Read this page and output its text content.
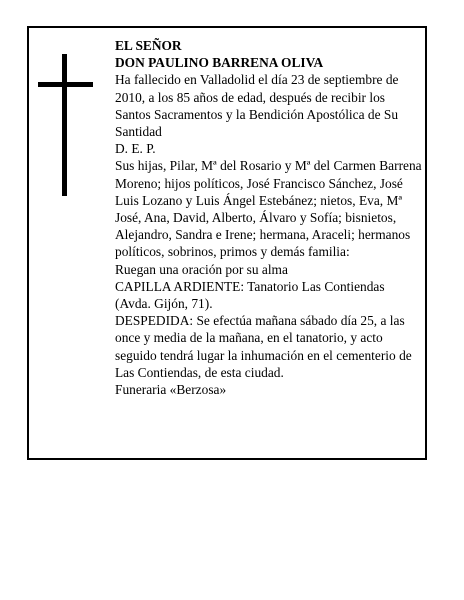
EL SEÑOR

DON PAULINO BARRENA OLIVA

Ha fallecido en Valladolid el día 23 de septiembre de 2010, a los 85 años de edad, después de recibir los Santos Sacramentos y la Bendición Apostólica de Su Santidad

D. E. P.

Sus hijas, Pilar, Mª del Rosario y Mª del Carmen Barrena Moreno; hijos políticos, José Francisco Sánchez, José Luis Lozano y Luis Ángel Estebánez; nietos, Eva, Mª José, Ana, David, Alberto, Álvaro y Sofía; bisnietos, Alejandro, Sandra e Irene; hermana, Araceli; hermanos políticos, sobrinos, primos y demás familia:

Ruegan una oración por su alma

CAPILLA ARDIENTE: Tanatorio Las Contiendas (Avda. Gijón, 71).

DESPEDIDA: Se efectúa mañana sábado día 25, a las once y media de la mañana, en el tanatorio, y acto seguido tendrá lugar la inhumación en el cementerio de Las Contiendas, de esta ciudad.

Funeraria «Berzosa»
